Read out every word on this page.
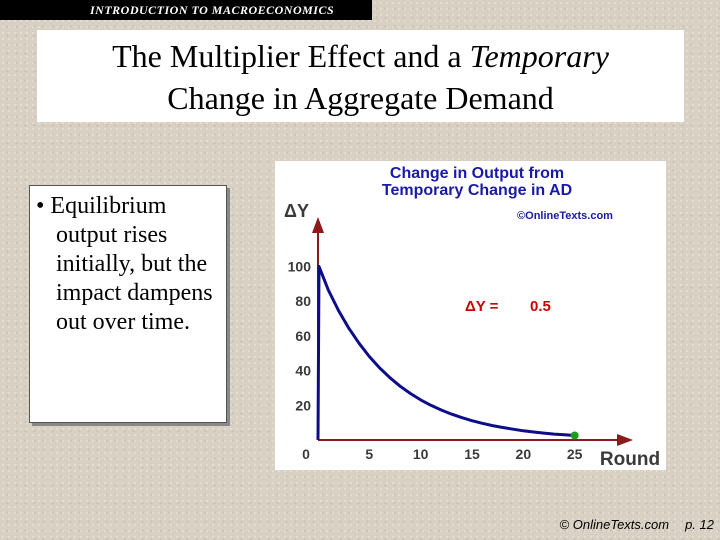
INTRODUCTION TO MACROECONOMICS
The Multiplier Effect and a Temporary
Change in Aggregate Demand
• Equilibrium output rises initially, but the impact dampens out over time.
Change in Output from
Temporary Change in AD
©OnlineTexts.com
ΔY
Round
ΔY = 0.5
0	5	10	15	20	25
20
40
60
80
100
© OnlineTexts.com p. 12
